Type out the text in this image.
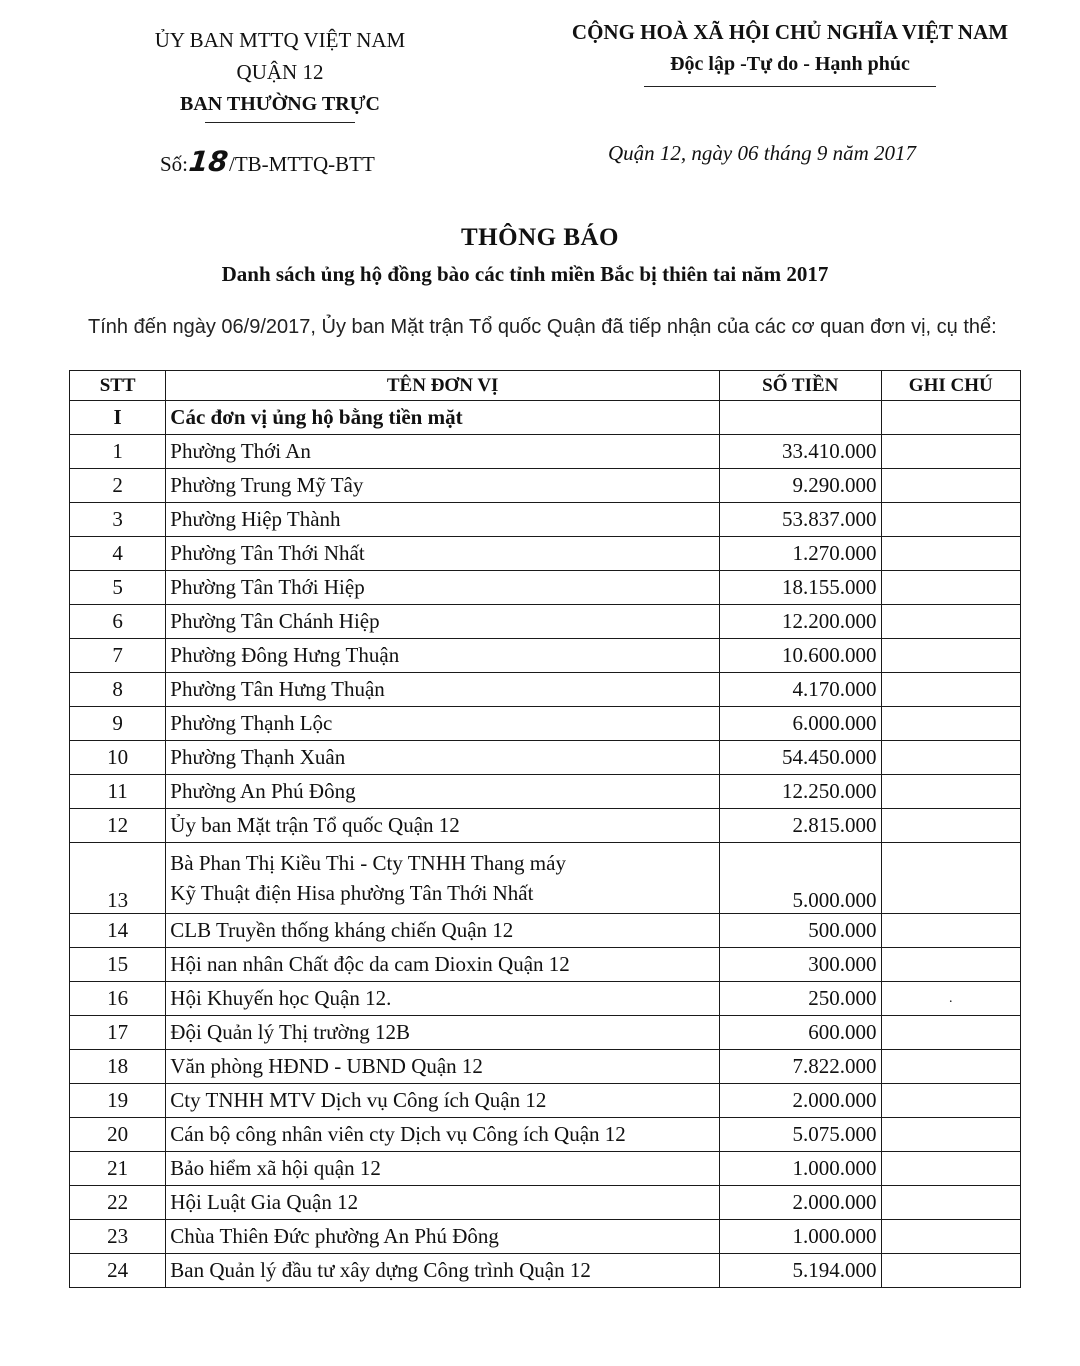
ỦY BAN MTTQ VIỆT NAM
QUẬN 12
BAN THƯỜNG TRỰC
CỘNG HOÀ XÃ HỘI CHỦ NGHĨA VIỆT NAM
Độc lập -Tự do - Hạnh phúc
Số:18/TB-MTTQ-BTT	Quận 12, ngày 06 tháng 9 năm 2017
THÔNG BÁO
Danh sách ủng hộ đồng bào các tỉnh miền Bắc bị thiên tai năm 2017
Tính đến ngày 06/9/2017, Ủy ban Mặt trận Tổ quốc Quận đã tiếp nhận của các cơ quan đơn vị, cụ thể:
STT	TÊN ĐƠN VỊ	SỐ TIỀN	GHI CHÚ
I	Các đơn vị ủng hộ bằng tiền mặt		
1	Phường Thới An	33.410.000	
2	Phường Trung Mỹ Tây	9.290.000	
3	Phường Hiệp Thành	53.837.000	
4	Phường Tân Thới Nhất	1.270.000	
5	Phường Tân Thới Hiệp	18.155.000	
6	Phường Tân Chánh Hiệp	12.200.000	
7	Phường Đông Hưng Thuận	10.600.000	
8	Phường Tân Hưng Thuận	4.170.000	
9	Phường Thạnh Lộc	6.000.000	
10	Phường Thạnh Xuân	54.450.000	
11	Phường An Phú Đông	12.250.000	
12	Ủy ban Mặt trận Tổ quốc Quận 12	2.815.000	
13	Bà Phan Thị Kiều Thi - Cty TNHH Thang máy
Kỹ Thuật điện Hisa phường Tân Thới Nhất	5.000.000	
14	CLB Truyền thống kháng chiến Quận 12	500.000	
15	Hội nan nhân Chất độc da cam Dioxin Quận 12	300.000	
16	Hội Khuyến học Quận 12.	250.000	.
17	Đội Quản lý Thị trường 12B	600.000	
18	Văn phòng HĐND - UBND Quận 12	7.822.000	
19	Cty TNHH MTV Dịch vụ Công ích Quận 12	2.000.000	
20	Cán bộ công nhân viên cty Dịch vụ Công ích Quận 12	5.075.000	
21	Bảo hiểm xã hội quận 12	1.000.000	
22	Hội Luật Gia Quận 12	2.000.000	
23	Chùa Thiên Đức phường An Phú Đông	1.000.000	
24	Ban Quản lý đầu tư xây dựng Công trình Quận 12	5.194.000	
